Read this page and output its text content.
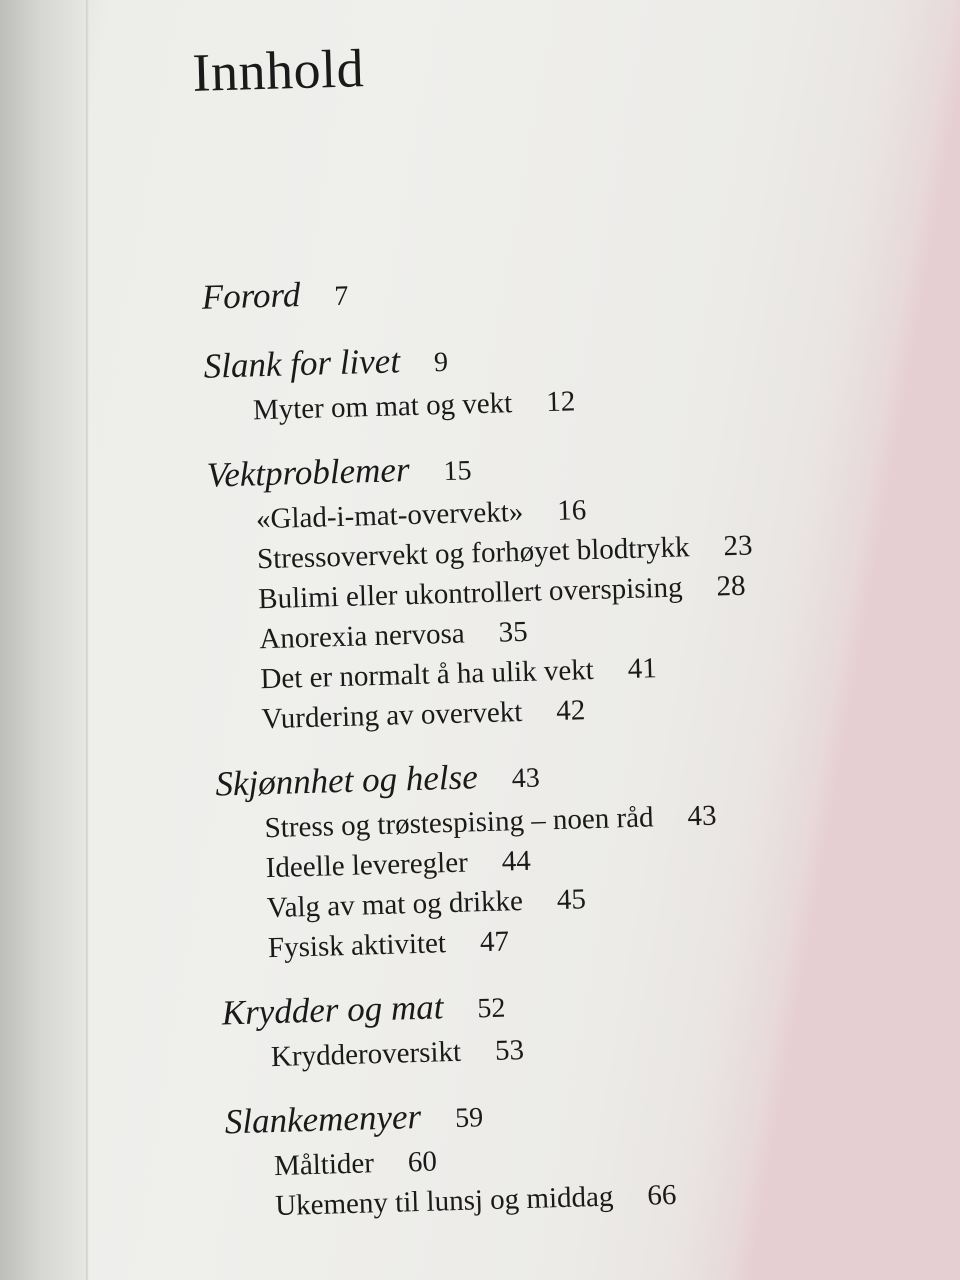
Innhold
Forord 7
Slank for livet 9
Myter om mat og vekt 12
Vektproblemer 15
«Glad-i-mat-overvekt» 16
Stressovervekt og forhøyet blodtrykk 23
Bulimi eller ukontrollert overspising 28
Anorexia nervosa 35
Det er normalt å ha ulik vekt 41
Vurdering av overvekt 42
Skjønnhet og helse 43
Stress og trøstespising – noen råd 43
Ideelle leveregler 44
Valg av mat og drikke 45
Fysisk aktivitet 47
Krydder og mat 52
Krydderoversikt 53
Slankemenyer 59
Måltider 60
Ukemeny til lunsj og middag 66
